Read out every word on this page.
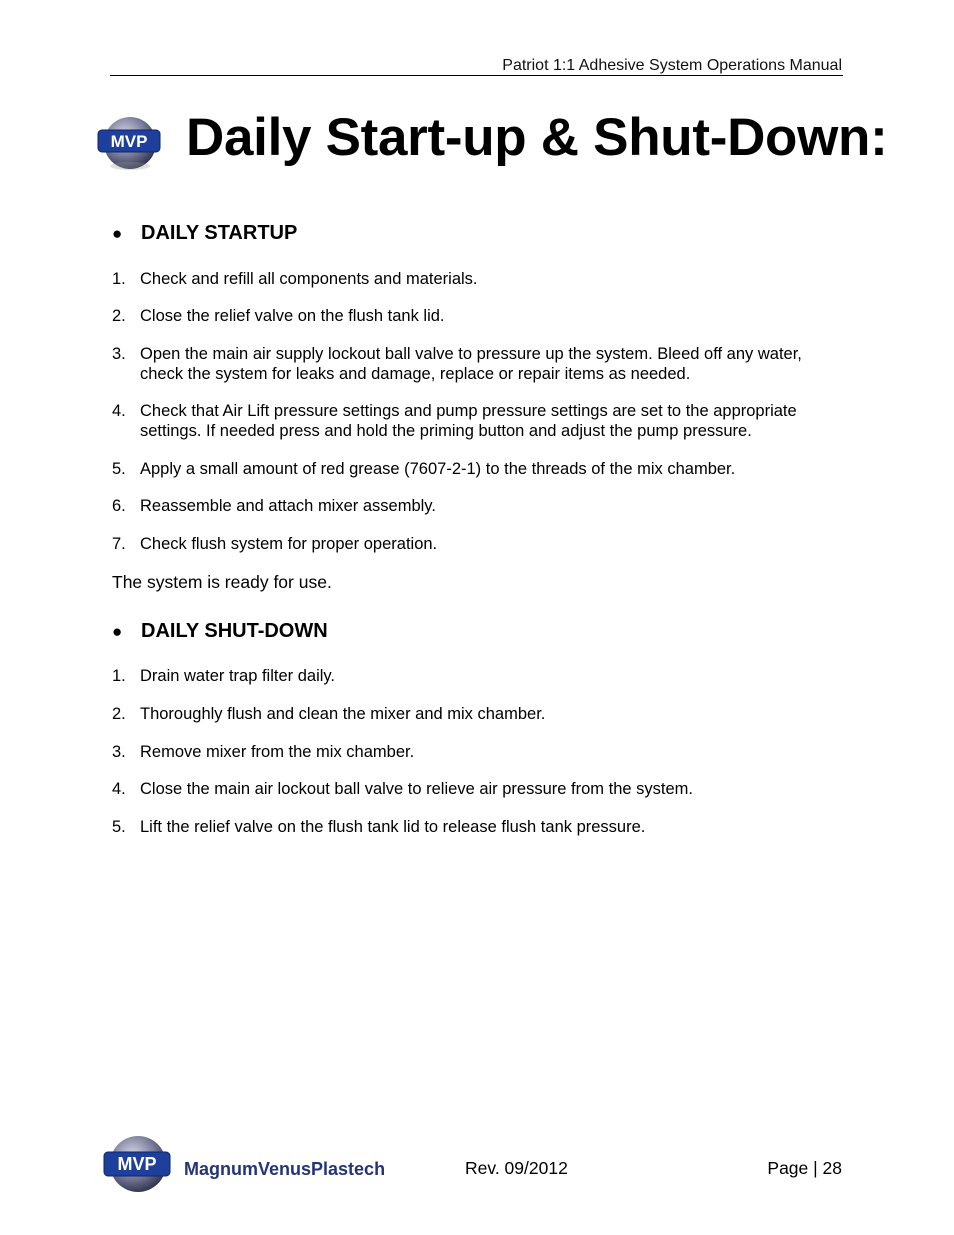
Patriot 1:1 Adhesive System Operations Manual
MVP Daily Start-up & Shut-Down:
● DAILY STARTUP
1. Check and refill all components and materials.
2. Close the relief valve on the flush tank lid.
3. Open the main air supply lockout ball valve to pressure up the system. Bleed off any water, check the system for leaks and damage, replace or repair items as needed.
4. Check that Air Lift pressure settings and pump pressure settings are set to the appropriate settings. If needed press and hold the priming button and adjust the pump pressure.
5. Apply a small amount of red grease (7607-2-1) to the threads of the mix chamber.
6. Reassemble and attach mixer assembly.
7. Check flush system for proper operation.
The system is ready for use.
● DAILY SHUT-DOWN
1. Drain water trap filter daily.
2. Thoroughly flush and clean the mixer and mix chamber.
3. Remove mixer from the mix chamber.
4. Close the main air lockout ball valve to relieve air pressure from the system.
5. Lift the relief valve on the flush tank lid to release flush tank pressure.
MVP MagnumVenusPlastech	Rev. 09/2012	Page | 28
